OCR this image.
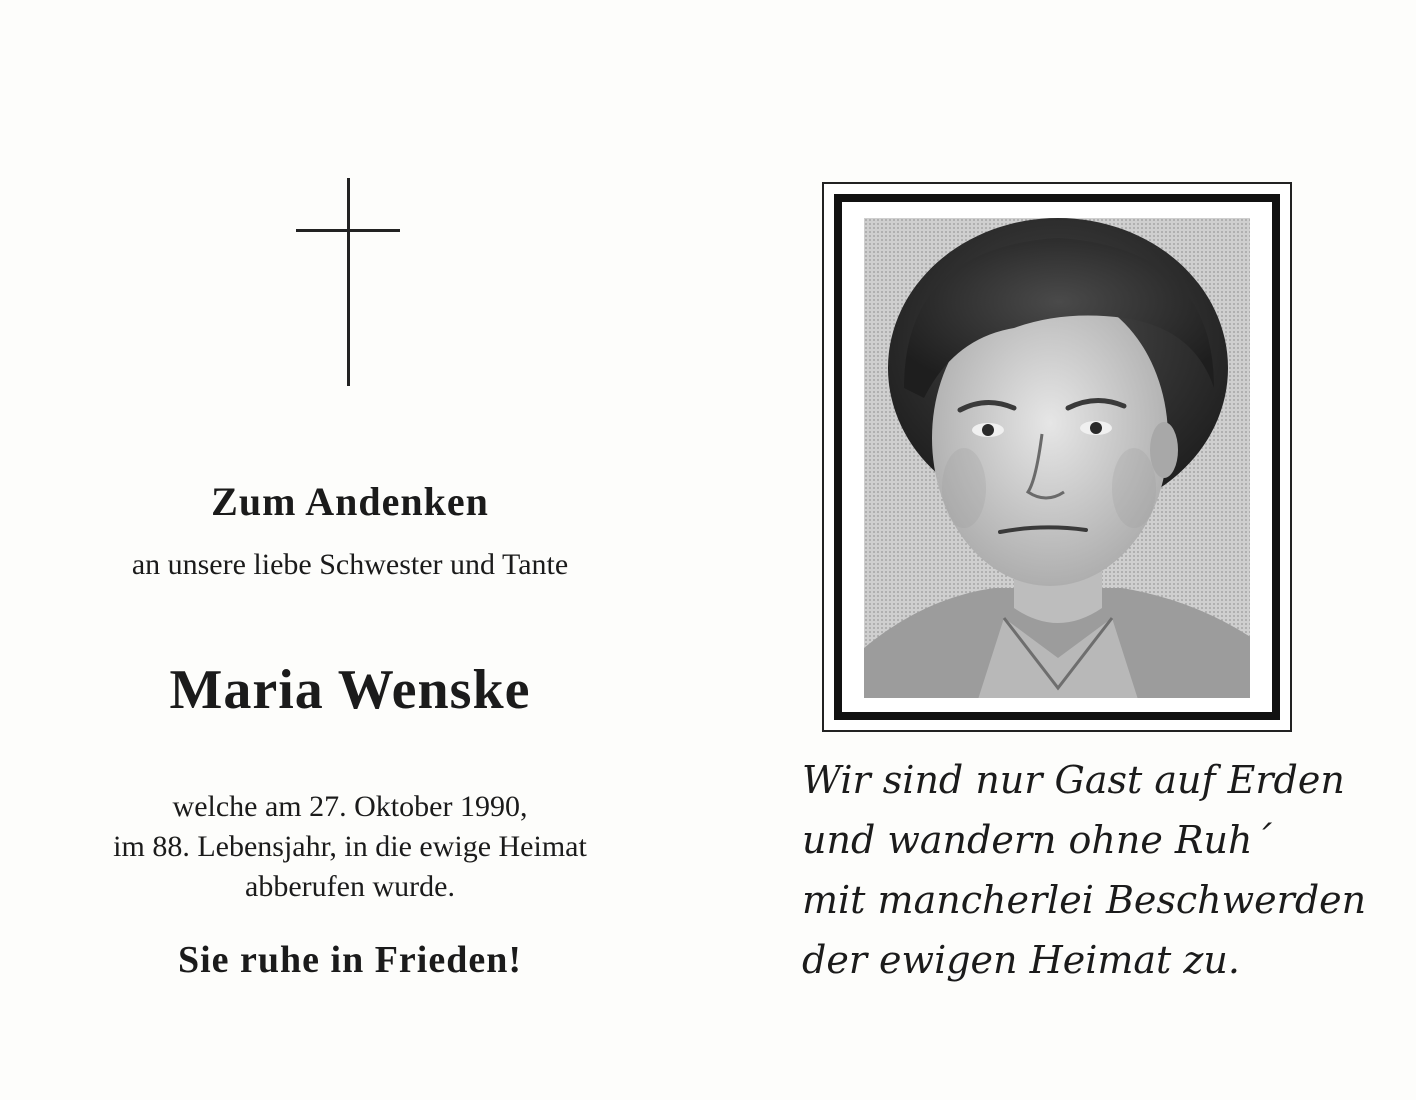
Zum Andenken
an unsere liebe Schwester und Tante
Maria Wenske
welche am 27. Oktober 1990,
im 88. Lebensjahr, in die ewige Heimat
abberufen wurde.
Sie ruhe in Frieden!
Wir sind nur Gast auf Erden
und wandern ohne Ruh´
mit mancherlei Beschwerden
der ewigen Heimat zu.
